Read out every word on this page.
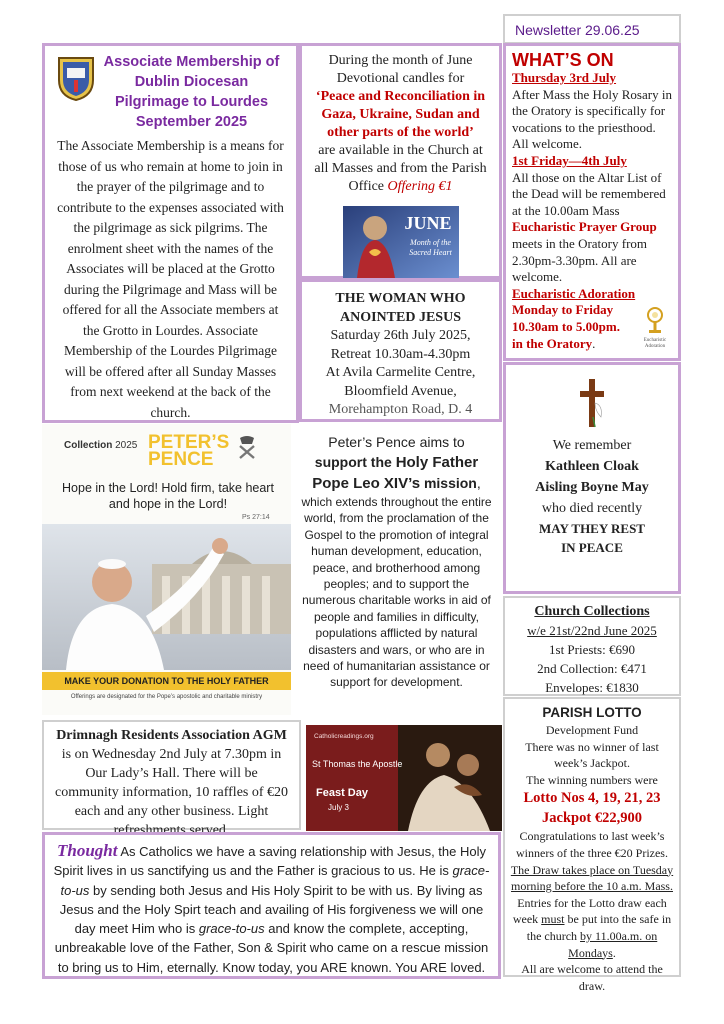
Newsletter 29.06.25
Associate Membership of Dublin Diocesan Pilgrimage to Lourdes September 2025
The Associate Membership is a means for those of us who remain at home to join in the prayer of the pilgrimage and to contribute to the expenses associated with the pilgrimage as sick pilgrims. The enrolment sheet with the names of the Associates will be placed at the Grotto during the Pilgrimage and Mass will be offered for all the Associate members at the Grotto in Lourdes. Associate Membership of the Lourdes Pilgrimage will be offered after all Sunday Masses from next weekend at the back of the church.
During the month of June Devotional candles for
‘Peace and Reconciliation in Gaza, Ukraine, Sudan and other parts of the world’
are available in the Church at all Masses and from the Parish Office Offering €1
JUNE
Month of the Sacred Heart
THE WOMAN WHO ANOINTED JESUS
Saturday 26th July 2025,
Retreat 10.30am-4.30pm
At Avila Carmelite Centre,
Bloomfield Avenue,
Morehampton Road, D. 4
WHAT’S ON
Thursday 3rd July
After Mass the Holy Rosary in the Oratory is specifically for vocations to the priesthood. All welcome.
1st Friday—4th July
All those on the Altar List of the Dead will be remembered at the 10.00am Mass
Eucharistic Prayer Group
meets in the Oratory from 2.30pm-3.30pm. All are welcome.
Eucharistic Adoration
Monday to Friday
10.30am to 5.00pm.
in the Oratory.	Eucharistic Adoration
We remember
Kathleen Cloak
Aisling Boyne May
who died recently
MAY THEY REST IN PEACE
Church Collections
w/e 21st/22nd June 2025
1st Priests: €690
2nd Collection: €471
Envelopes: €1830
PARISH LOTTO
Development Fund
There was no winner of last week’s Jackpot.
The winning numbers were
Lotto Nos 4, 19, 21, 23
Jackpot €22,900
Congratulations to last week’s winners of the three €20 Prizes.
The Draw takes place on Tuesday morning before the 10 a.m. Mass. Entries for the Lotto draw each week must be put into the safe in the church by 11.00a.m. on Mondays.
All are welcome to attend the draw.
Collection 2025 PETER’S
PENCE
Hope in the Lord! Hold firm, take heart and hope in the Lord!
Ps 27:14
MAKE YOUR DONATION TO THE HOLY FATHER
Offerings are designated for the Pope’s apostolic and charitable ministry
Peter’s Pence aims to
support the Holy Father Pope Leo XIV’s mission,
which extends throughout the entire world, from the proclamation of the Gospel to the promotion of integral human development, education, peace, and brotherhood among peoples; and to support the numerous charitable works in aid of people and families in difficulty, populations afflicted by natural disasters and wars, or who are in need of humanitarian assistance or support for development.
Drimnagh Residents Association AGM
is on Wednesday 2nd July at 7.30pm in Our Lady’s Hall. There will be community information, 10 raffles of €20 each and any other business. Light refreshments served.
Catholicreadings.org
St Thomas the Apostle
Feast Day
July 3
Thought As Catholics we have a saving relationship with Jesus, the Holy Spirit lives in us sanctifying us and the Father is gracious to us. He is grace-to-us by sending both Jesus and His Holy Spirit to be with us. By living as Jesus and the Holy Spirt teach and availing of His forgiveness we will one day meet Him who is grace-to-us and know the complete, accepting, unbreakable love of the Father, Son & Spirit who came on a rescue mission to bring us to Him, eternally. Know today, you ARE known. You ARE loved.
